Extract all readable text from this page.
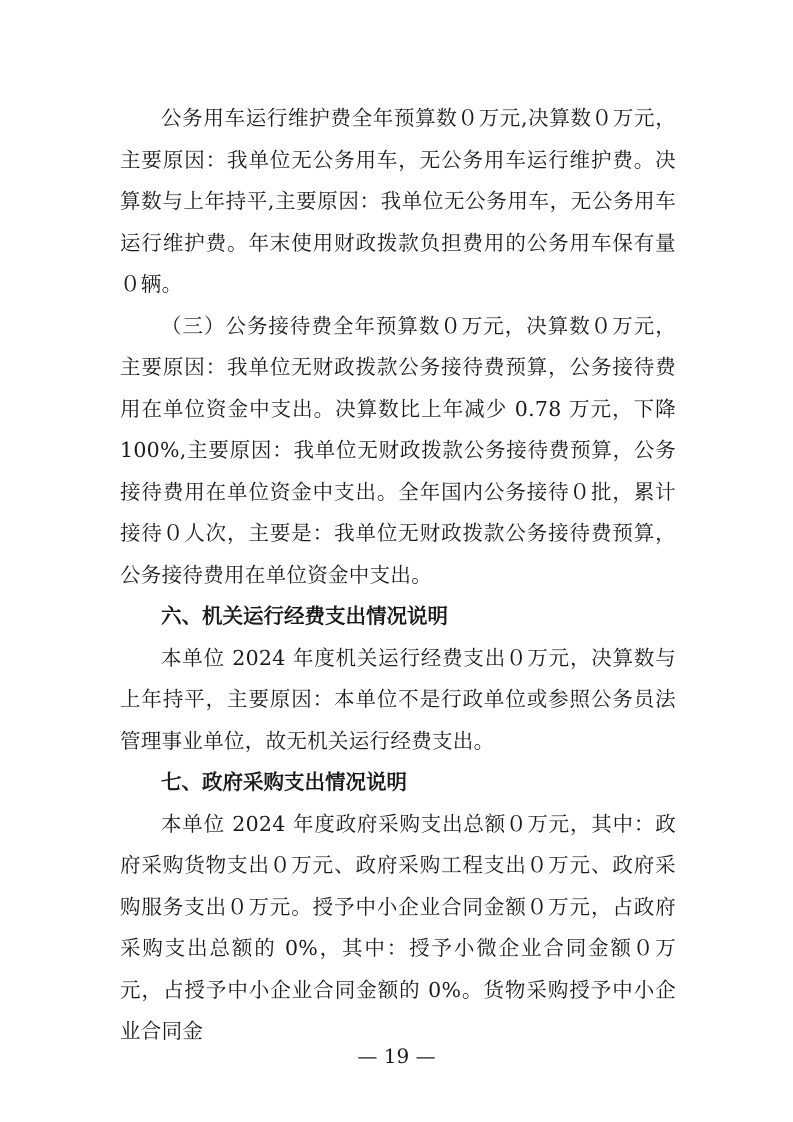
公务用车运行维护费全年预算数０万元,决算数０万元，主要原因：我单位无公务用车，无公务用车运行维护费。决算数与上年持平,主要原因：我单位无公务用车，无公务用车运行维护费。年末使用财政拨款负担费用的公务用车保有量０辆。

（三）公务接待费全年预算数０万元，决算数０万元，主要原因：我单位无财政拨款公务接待费预算，公务接待费用在单位资金中支出。决算数比上年减少 0.78 万元，下降100%,主要原因：我单位无财政拨款公务接待费预算，公务接待费用在单位资金中支出。全年国内公务接待０批，累计接待０人次，主要是：我单位无财政拨款公务接待费预算，公务接待费用在单位资金中支出。

六、机关运行经费支出情况说明

本单位 2024 年度机关运行经费支出０万元，决算数与上年持平，主要原因：本单位不是行政单位或参照公务员法管理事业单位，故无机关运行经费支出。

七、政府采购支出情况说明

本单位 2024 年度政府采购支出总额０万元，其中：政府采购货物支出０万元、政府采购工程支出０万元、政府采购服务支出０万元。授予中小企业合同金额０万元，占政府采购支出总额的 0%，其中：授予小微企业合同金额０万元，占授予中小企业合同金额的 0%。货物采购授予中小企业合同金

— 19 —
